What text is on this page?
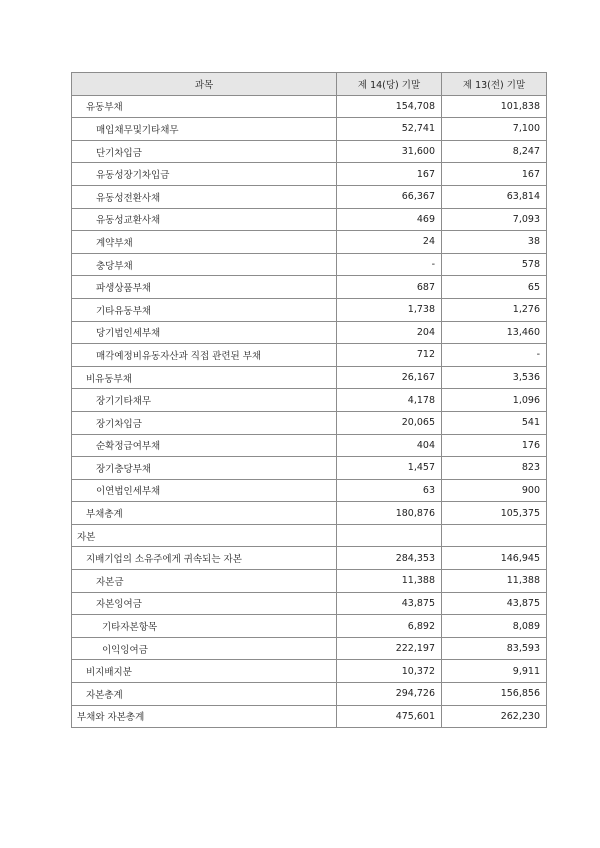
과목	제 14(당) 기말	제 13(전) 기말
유동부채	154,708	101,838
매입채무및기타채무	52,741	7,100
단기차입금	31,600	8,247
유동성장기차입금	167	167
유동성전환사채	66,367	63,814
유동성교환사채	469	7,093
계약부채	24	38
충당부채	-	578
파생상품부채	687	65
기타유동부채	1,738	1,276
당기법인세부채	204	13,460
매각예정비유동자산과 직접 관련된 부채	712	-
비유동부채	26,167	3,536
장기기타채무	4,178	1,096
장기차입금	20,065	541
순확정급여부채	404	176
장기충당부채	1,457	823
이연법인세부채	63	900
부채총계	180,876	105,375
자본		
지배기업의 소유주에게 귀속되는 자본	284,353	146,945
자본금	11,388	11,388
자본잉여금	43,875	43,875
기타자본항목	6,892	8,089
이익잉여금	222,197	83,593
비지배지분	10,372	9,911
자본총계	294,726	156,856
부채와 자본총계	475,601	262,230
